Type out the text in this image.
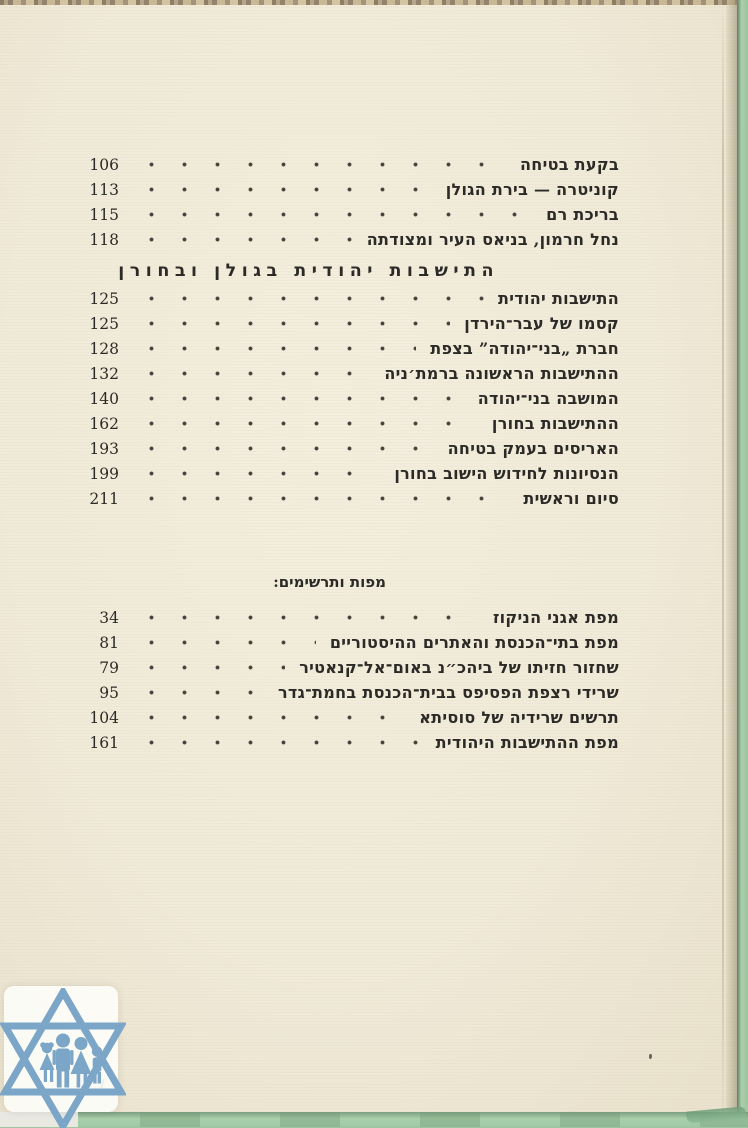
בקעת בטיחה
106
קוניטרה — בירת הגולן
113
בריכת רם
115
נחל חרמון, בניאס העיר ומצודתה
118
התישבות יהודית בגולן ובחורן
התישבות יהודית
125
קסמו של עבר־הירדן
125
חברת „בני־יהודה” בצפת
128
ההתישבות הראשונה ברמת׳ניה
132
המושבה בני־יהודה
140
ההתישבות בחורן
162
האריסים בעמק בטיחה
193
הנסיונות לחידוש הישוב בחורן
199
סיום וראשית
211
מפות ותרשימים:
מפת אגני הניקוז
34
מפת בתי־הכנסת והאתרים ההיסטוריים
81
שחזור חזיתו של ביהכ״נ באום־אל־קנאטיר
79
שרידי רצפת הפסיפס בבית־הכנסת בחמת־גדר
95
תרשים שרידיה של סוסיתא
104
מפת ההתישבות היהודית
161
